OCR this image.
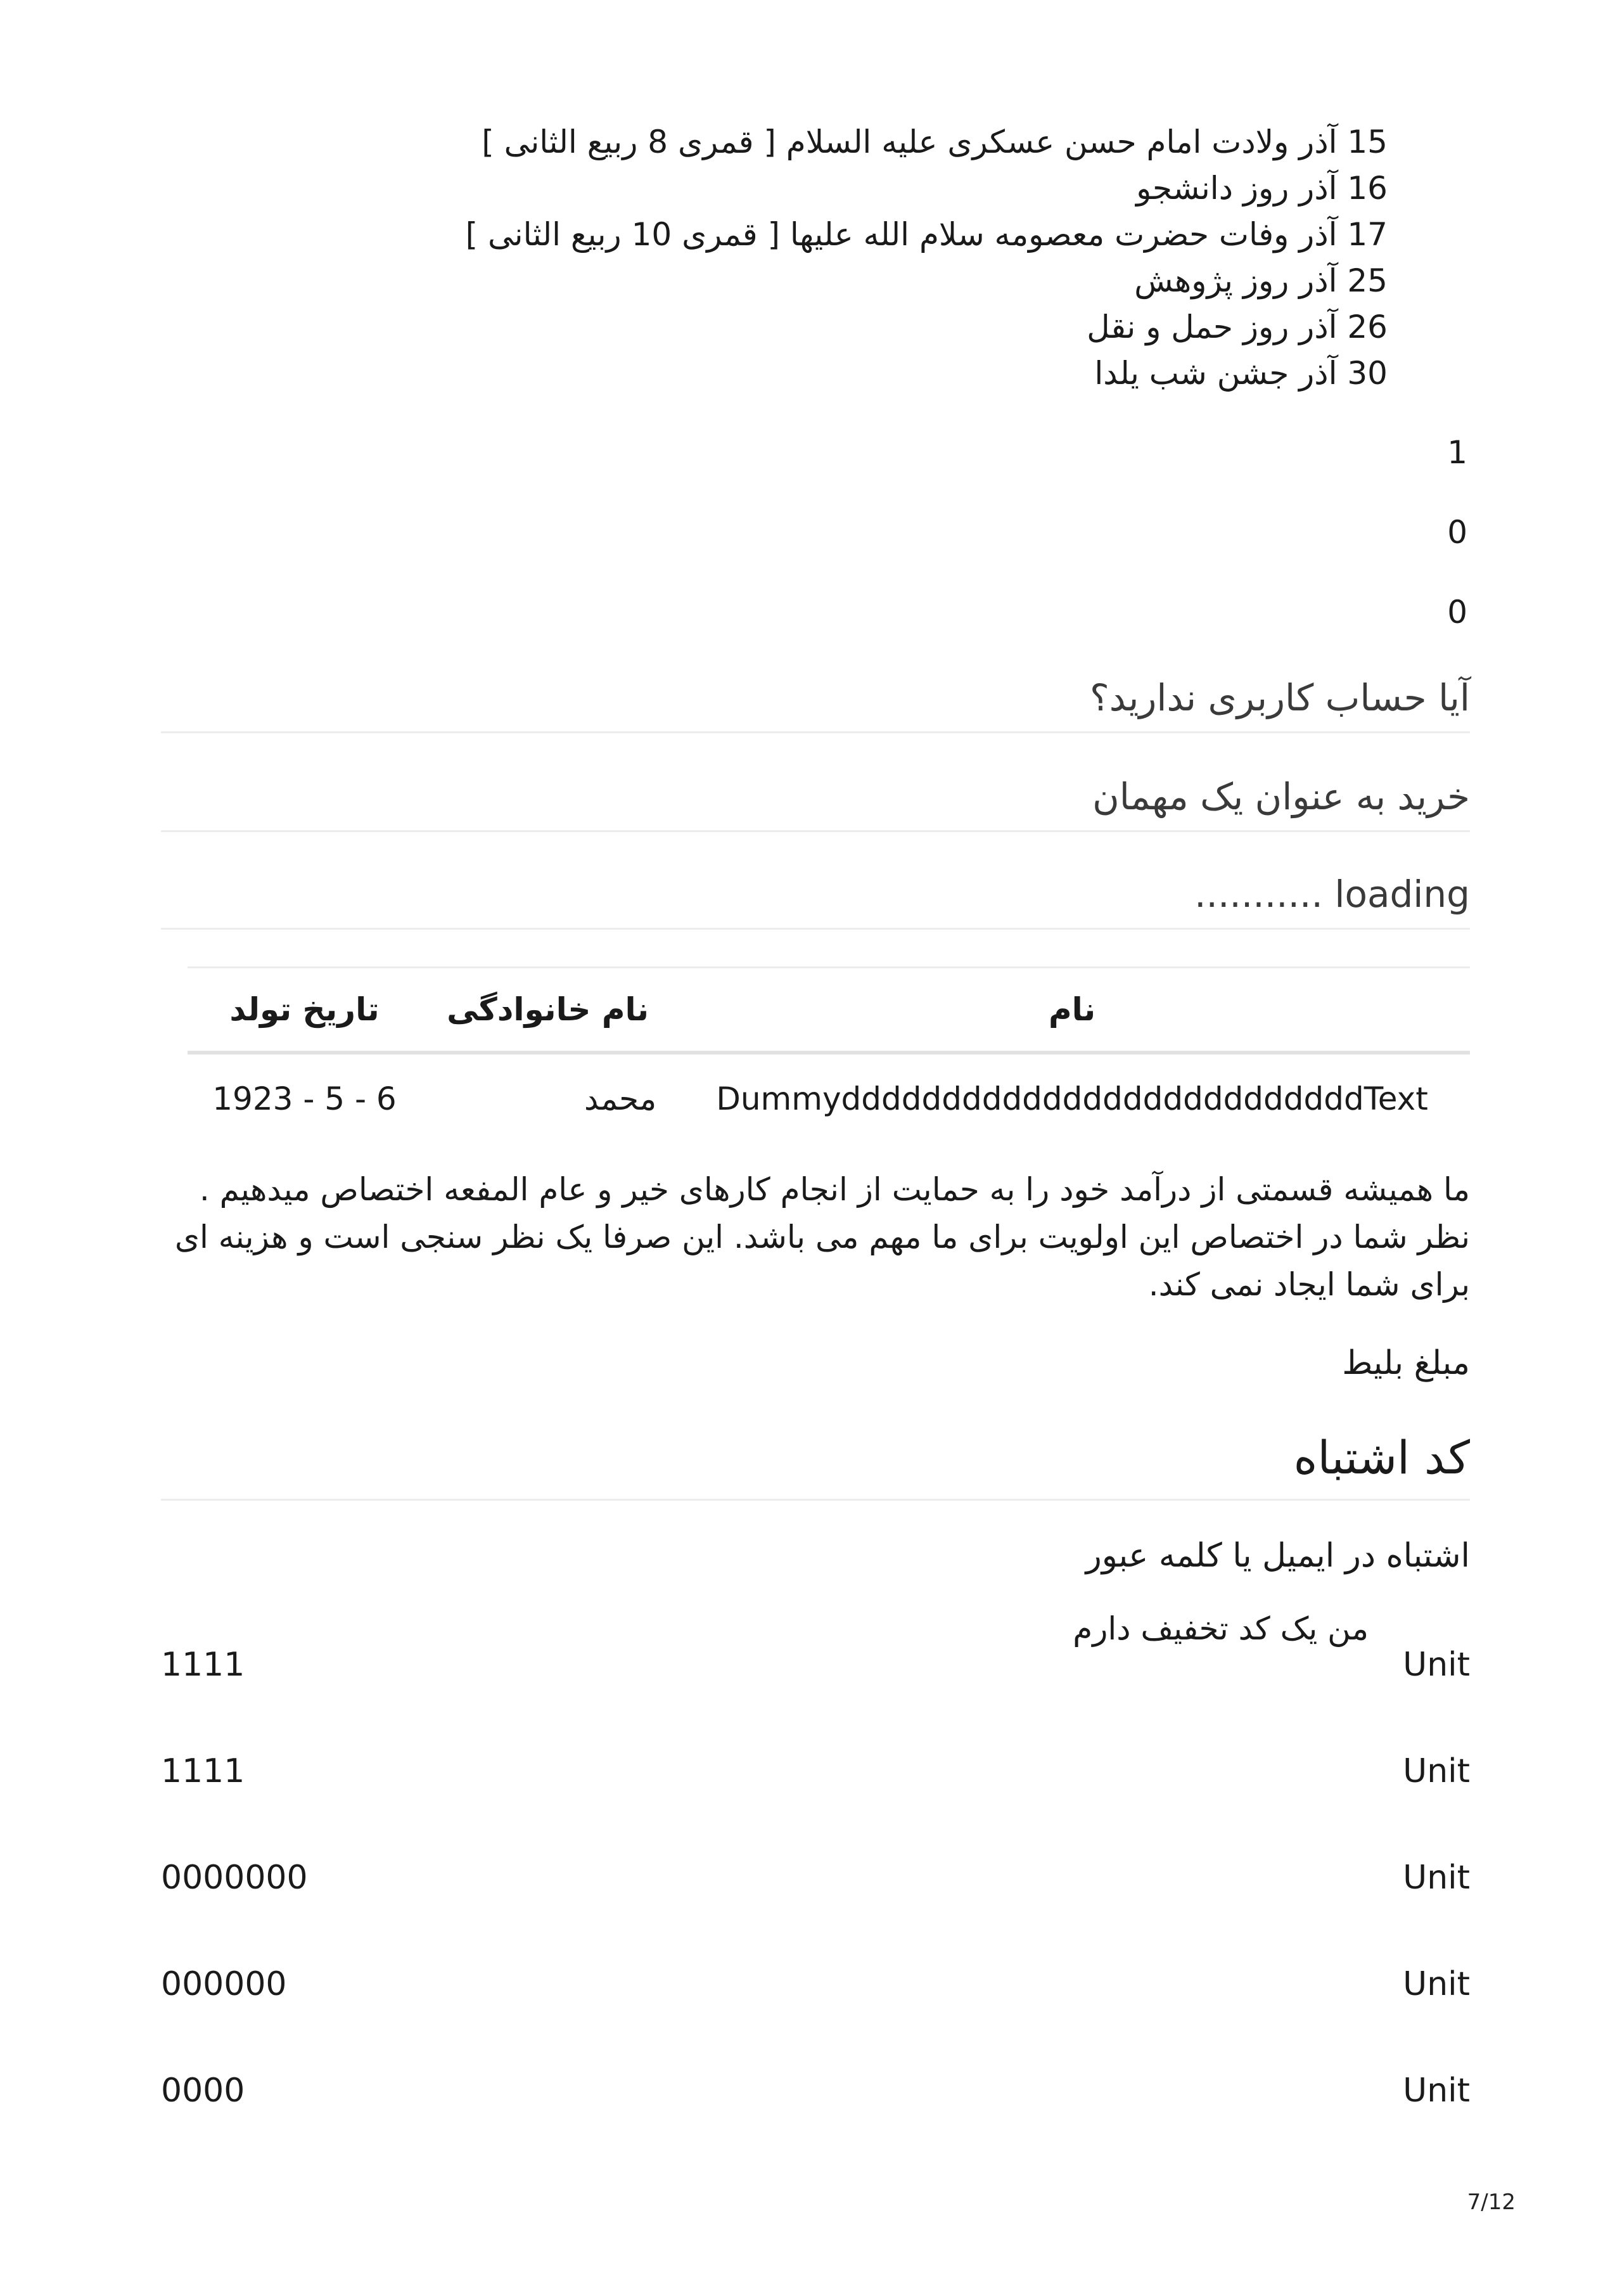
15 آذر ولادت امام حسن عسکری علیه السلام [ قمری 8 ربیع الثانی ]
16 آذر روز دانشجو
17 آذر وفات حضرت معصومه سلام الله علیها [ قمری 10 ربیع الثانی ]
25 آذر روز پژوهش
26 آذر روز حمل و نقل
30 آذر جشن شب یلدا
1
0
0
آیا حساب کاربری ندارید؟
خرید به عنوان یک مهمان
........... loading
نام	نام خانوادگی	تاریخ تولد
DummyddddddddddddddddddddddddddText	محمد	1923 - 5 - 6
ما همیشه قسمتی از درآمد خود را به حمایت از انجام کارهای خیر و عام المفعه اختصاص میدهیم . نظر شما در اختصاص این اولویت برای ما مهم می باشد. این صرفا یک نظر سنجی است و هزینه ای برای شما ایجاد نمی کند.
مبلغ بلیط
کد اشتباه
اشتباه در ایمیل یا کلمه عبور
من یک کد تخفیف دارم
1111	Unit
1111	Unit
0000000	Unit
000000	Unit
0000	Unit
7/12
